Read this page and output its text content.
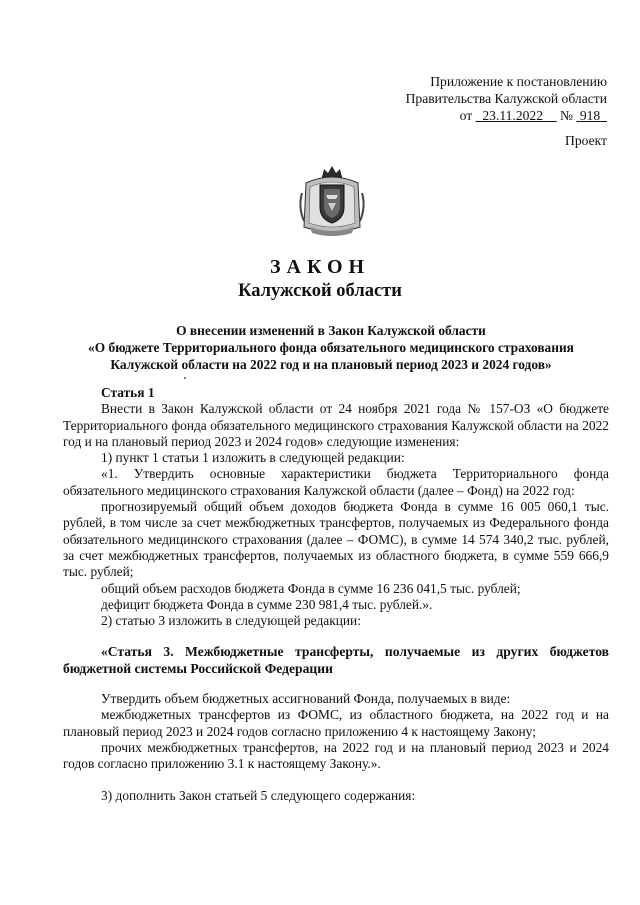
Приложение к постановлению
Правительства Калужской области
от 23.11.2022 № 918
Проект
ЗАКОН
Калужской области
О внесении изменений в Закон Калужской области
«О бюджете Территориального фонда обязательного медицинского страхования
Калужской области на 2022 год и на плановый период 2023 и 2024 годов»

Статья 1

Внести в Закон Калужской области от 24 ноября 2021 года № 157-ОЗ «О бюджете Территориального фонда обязательного медицинского страхования Калужской области на 2022 год и на плановый период 2023 и 2024 годов» следующие изменения:

1) пункт 1 статьи 1 изложить в следующей редакции:

«1. Утвердить основные характеристики бюджета Территориального фонда обязательного медицинского страхования Калужской области (далее – Фонд) на 2022 год:

прогнозируемый общий объем доходов бюджета Фонда в сумме 16 005 060,1 тыс. рублей, в том числе за счет межбюджетных трансфертов, получаемых из Федерального фонда обязательного медицинского страхования (далее – ФОМС), в сумме 14 574 340,2 тыс. рублей, за счет межбюджетных трансфертов, получаемых из областного бюджета, в сумме 559 666,9 тыс. рублей;

общий объем расходов бюджета Фонда в сумме 16 236 041,5 тыс. рублей;

дефицит бюджета Фонда в сумме 230 981,4 тыс. рублей.».

2) статью 3 изложить в следующей редакции:

«Статья 3. Межбюджетные трансферты, получаемые из других бюджетов бюджетной системы Российской Федерации

Утвердить объем бюджетных ассигнований Фонда, получаемых в виде:

межбюджетных трансфертов из ФОМС, из областного бюджета, на 2022 год и на плановый период 2023 и 2024 годов согласно приложению 4 к настоящему Закону;

прочих межбюджетных трансфертов, на 2022 год и на плановый период 2023 и 2024 годов согласно приложению 3.1 к настоящему Закону.».

3) дополнить Закон статьей 5 следующего содержания:
